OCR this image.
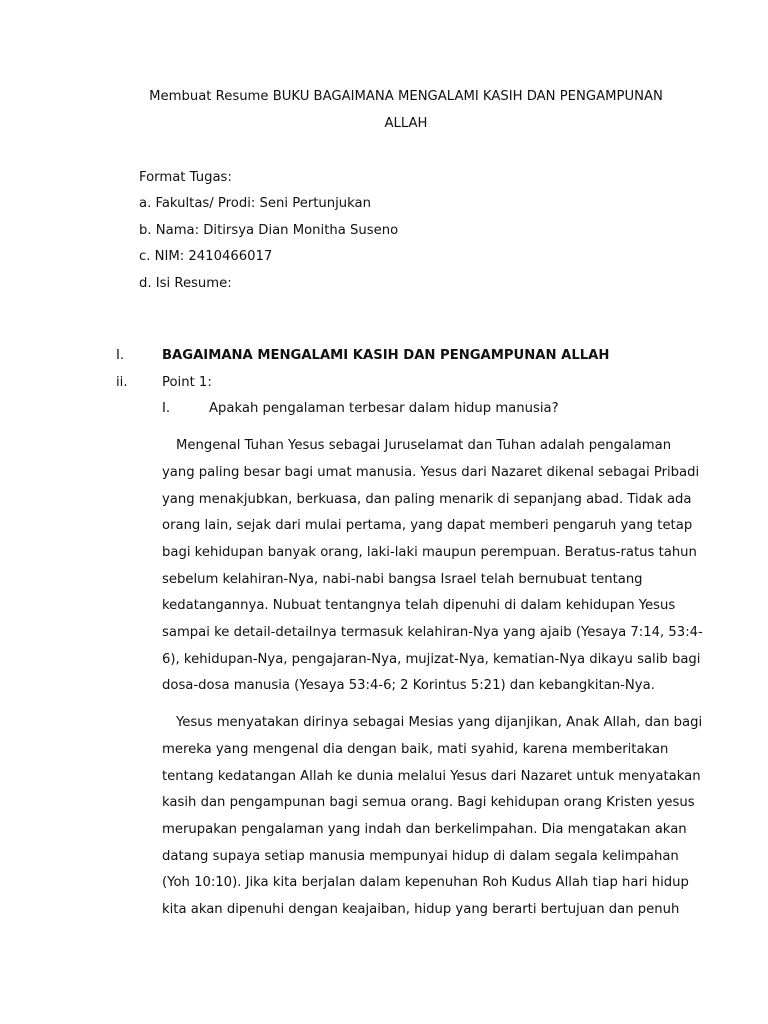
Membuat Resume BUKU BAGAIMANA MENGALAMI KASIH DAN PENGAMPUNAN
ALLAH
Format Tugas:
a. Fakultas/ Prodi: Seni Pertunjukan
b. Nama: Ditirsya Dian Monitha Suseno
c. NIM: 2410466017
d. Isi Resume:
I.	BAGAIMANA MENGALAMI KASIH DAN PENGAMPUNAN ALLAH
ii.	Point 1:
I.	Apakah pengalaman terbesar dalam hidup manusia?
Mengenal Tuhan Yesus sebagai Juruselamat dan Tuhan adalah pengalaman
yang paling besar bagi umat manusia. Yesus dari Nazaret dikenal sebagai Pribadi
yang menakjubkan, berkuasa, dan paling menarik di sepanjang abad. Tidak ada
orang lain, sejak dari mulai pertama, yang dapat memberi pengaruh yang tetap
bagi kehidupan banyak orang, laki-laki maupun perempuan. Beratus-ratus tahun
sebelum kelahiran-Nya, nabi-nabi bangsa Israel telah bernubuat tentang
kedatangannya. Nubuat tentangnya telah dipenuhi di dalam kehidupan Yesus
sampai ke detail-detailnya termasuk kelahiran-Nya yang ajaib (Yesaya 7:14, 53:4-
6), kehidupan-Nya, pengajaran-Nya, mujizat-Nya, kematian-Nya dikayu salib bagi
dosa-dosa manusia (Yesaya 53:4-6; 2 Korintus 5:21) dan kebangkitan-Nya.
Yesus menyatakan dirinya sebagai Mesias yang dijanjikan, Anak Allah, dan bagi
mereka yang mengenal dia dengan baik, mati syahid, karena memberitakan
tentang kedatangan Allah ke dunia melalui Yesus dari Nazaret untuk menyatakan
kasih dan pengampunan bagi semua orang. Bagi kehidupan orang Kristen yesus
merupakan pengalaman yang indah dan berkelimpahan. Dia mengatakan akan
datang supaya setiap manusia mempunyai hidup di dalam segala kelimpahan
(Yoh 10:10). Jika kita berjalan dalam kepenuhan Roh Kudus Allah tiap hari hidup
kita akan dipenuhi dengan keajaiban, hidup yang berarti bertujuan dan penuh
